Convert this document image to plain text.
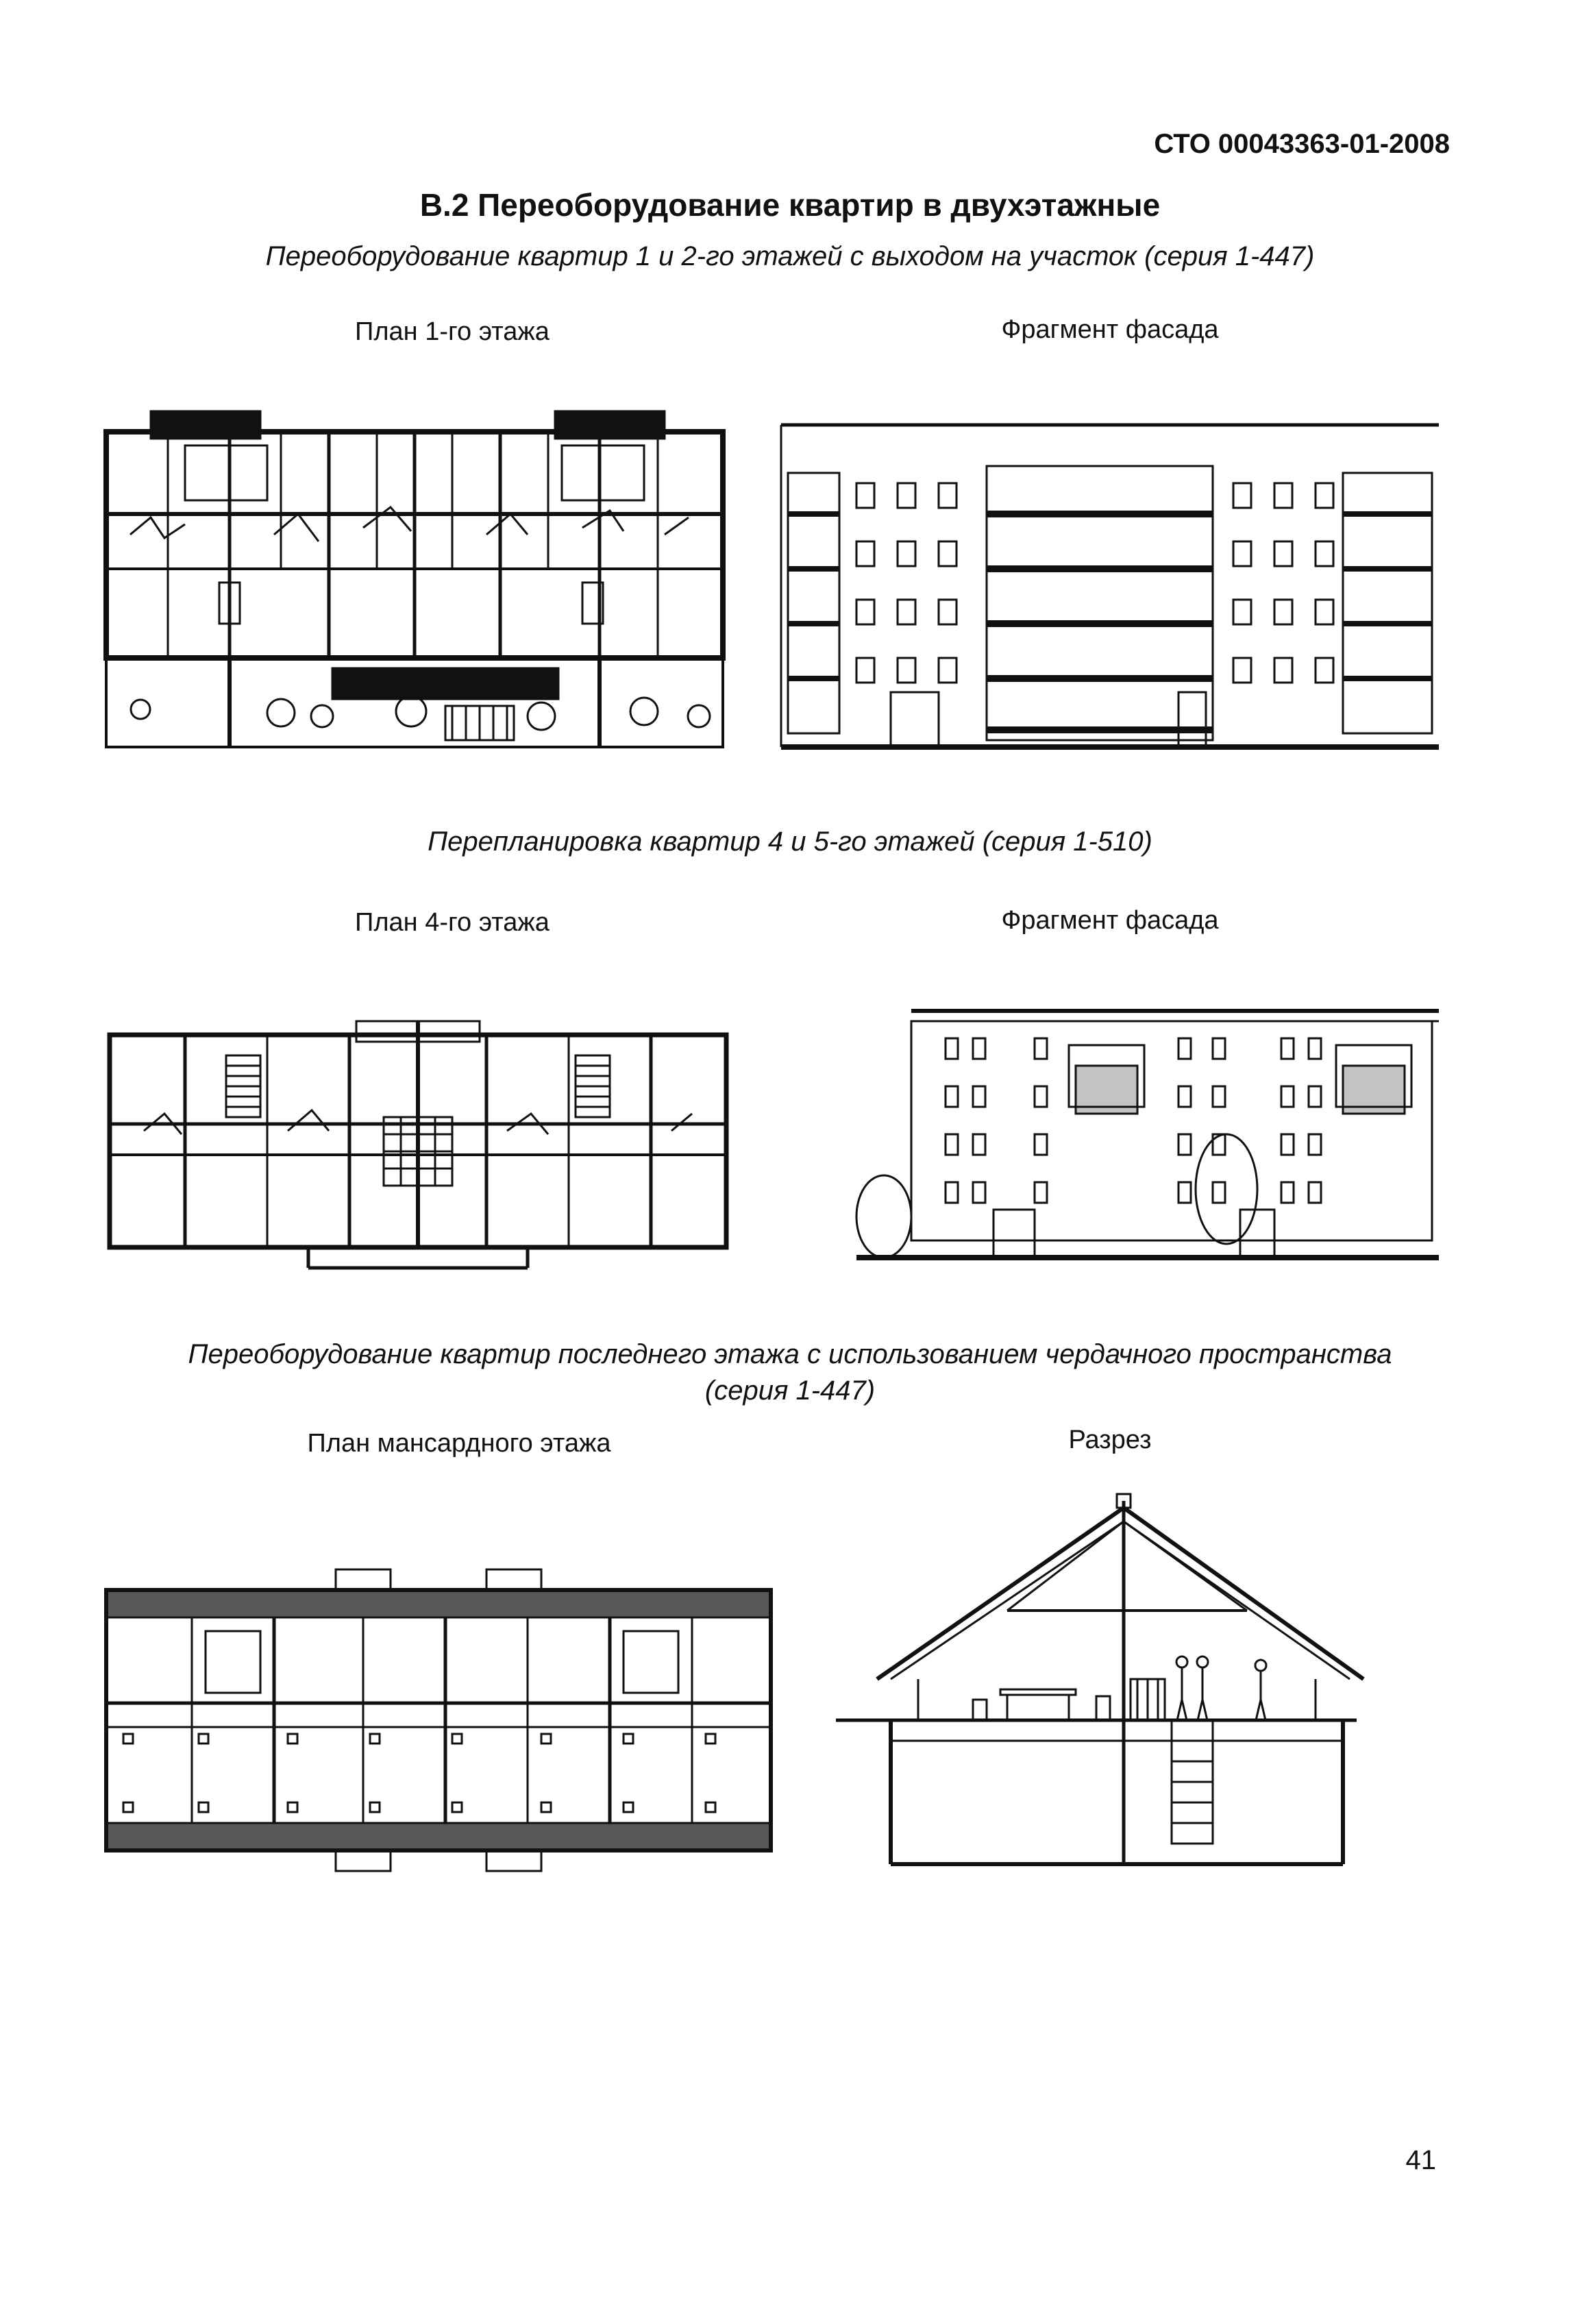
СТО 00043363-01-2008
В.2 Переоборудование квартир в двухэтажные
Переоборудование квартир 1 и 2-го этажей с выходом на участок (серия 1-447)
План 1-го этажа	Фрагмент фасада
Перепланировка квартир 4 и 5-го этажей (серия 1-510)
План 4-го этажа	Фрагмент фасада
Переоборудование квартир последнего этажа с использованием чердачного пространства
(серия 1-447)
План мансардного этажа	Разрез
41
